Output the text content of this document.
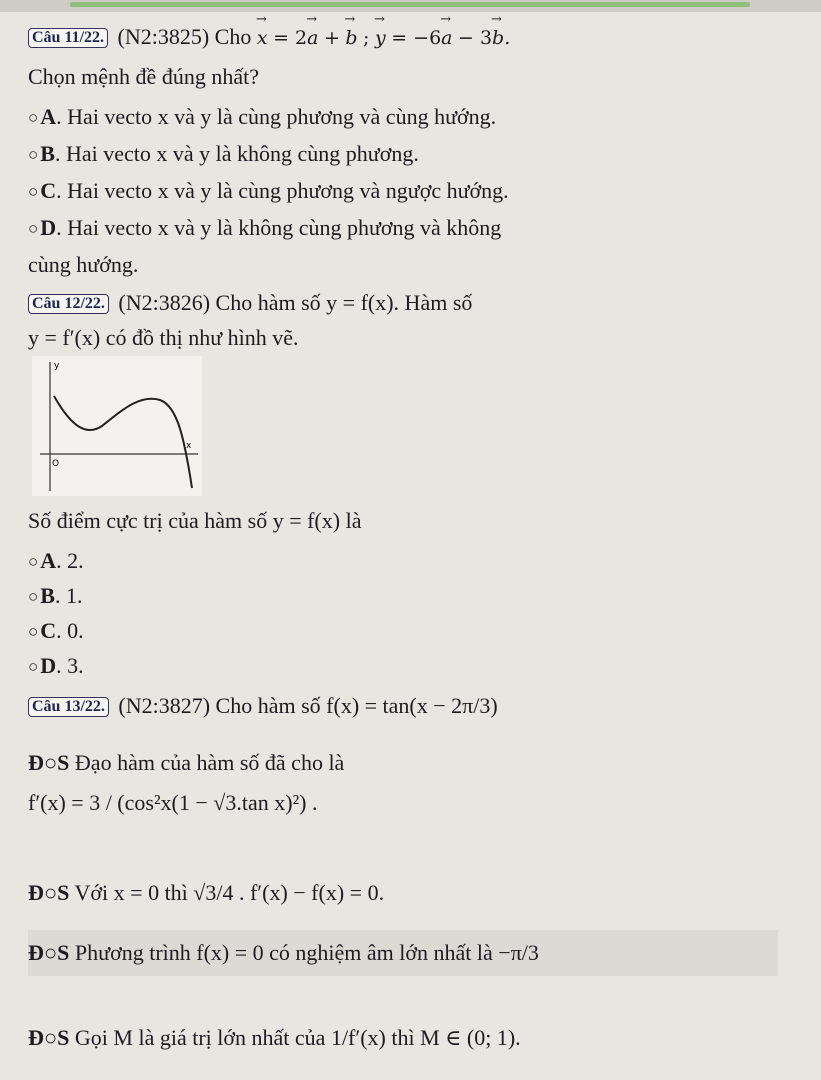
Câu 11/22. (N2:3825) Cho → x = 2→ a + → b ; → y = −6→ a − 3→ b.
Chọn mệnh đề đúng nhất?
○A. Hai vecto x và y là cùng phương và cùng hướng.
○B. Hai vecto x và y là không cùng phương.
○C. Hai vecto x và y là cùng phương và ngược hướng.
○D. Hai vecto x và y là không cùng phương và không
cùng hướng.
Câu 12/22. (N2:3826) Cho hàm số y = f(x). Hàm số
y = f′(x) có đồ thị như hình vẽ.
y
x
O
Số điểm cực trị của hàm số y = f(x) là
○A. 2.
○B. 1.
○C. 0.
○D. 3.
Câu 13/22. (N2:3827) Cho hàm số f(x) = tan(x − 2π/3)
Đ○S Đạo hàm của hàm số đã cho là
f′(x) = 3 / (cos²x(1 − √3.tan x)²) .
Đ○S Với x = 0 thì √3/4 . f′(x) − f(x) = 0.
Đ○S Phương trình f(x) = 0 có nghiệm âm lớn nhất là −π/3
Đ○S Gọi M là giá trị lớn nhất của 1/f′(x) thì M ∈ (0; 1).
